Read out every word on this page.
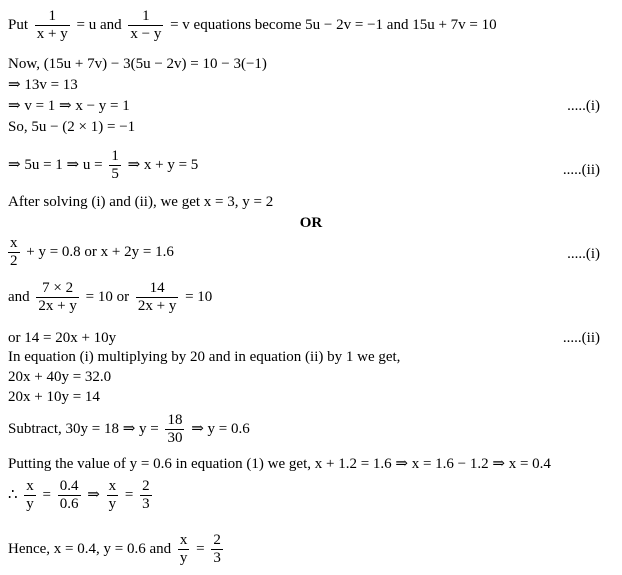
Put $\frac{1}{x + y} = u$ and $\frac{1}{x - y} = v$ equations become 5u − 2v = −1 and 15u + 7v = 10
Now, (15u + 7v) − 3(5u − 2v) = 10 − 3(−1)
⇒ 13v = 13
⇒ v = 1 ⇒ x − y = 1	.....(i)
So, 5u − (2 × 1) = −1
⇒ 5u = 1 ⇒ $u = \frac{1}{5}$ ⇒ x + y = 5	.....(ii)
After solving (i) and (ii), we get x = 3, y = 2
OR
$\frac{x}{2} + y = 0.8$ or x + 2y = 1.6	.....(i)
and $\frac{7 \times 2}{2x + y} = 10$ or $\frac{14}{2x + y} = 10$
or 14 = 20x + 10y	.....(ii)
In equation (i) multiplying by 20 and in equation (ii) by 1 we get,
20x + 40y = 32.0
20x + 10y = 14
Subtract, 30y = 18 ⇒ $y = \frac{18}{30}$ ⇒ y = 0.6
Putting the value of y = 0.6 in equation (1) we get, x + 1.2 = 1.6 ⇒ x = 1.6 − 1.2 ⇒ x = 0.4
∴ $\frac{x}{y} = \frac{0.4}{0.6}$ ⇒ $\frac{x}{y} = \frac{2}{3}$
Hence, x = 0.4, y = 0.6 and $\frac{x}{y} = \frac{2}{3}$
